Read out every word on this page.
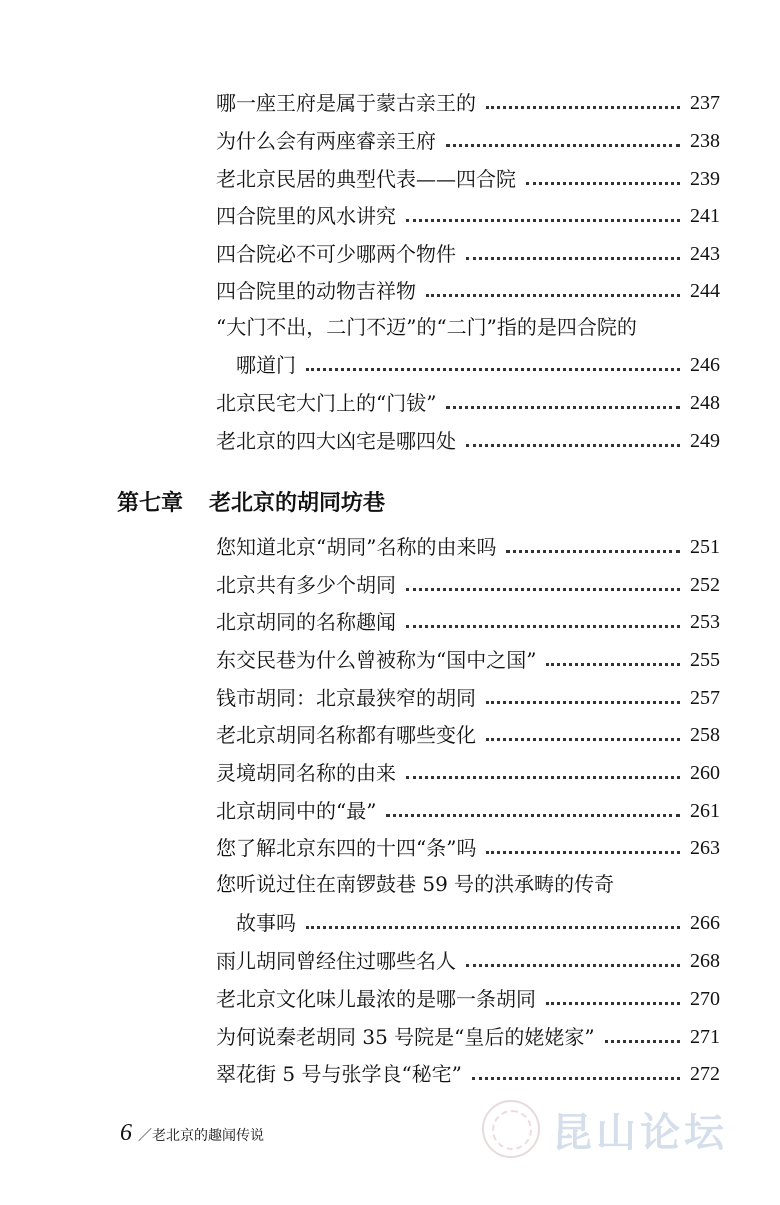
哪一座王府是属于蒙古亲王的	237
为什么会有两座睿亲王府	238
老北京民居的典型代表——四合院	239
四合院里的风水讲究	241
四合院必不可少哪两个物件	243
四合院里的动物吉祥物	244
“大门不出，二门不迈”的“二门”指的是四合院的
哪道门	246
北京民宅大门上的“门钹”	248
老北京的四大凶宅是哪四处	249
第七章 老北京的胡同坊巷
您知道北京“胡同”名称的由来吗	251
北京共有多少个胡同	252
北京胡同的名称趣闻	253
东交民巷为什么曾被称为“国中之国”	255
钱市胡同：北京最狭窄的胡同	257
老北京胡同名称都有哪些变化	258
灵境胡同名称的由来	260
北京胡同中的“最”	261
您了解北京东四的十四“条”吗	263
您听说过住在南锣鼓巷 59 号的洪承畴的传奇
故事吗	266
雨儿胡同曾经住过哪些名人	268
老北京文化味儿最浓的是哪一条胡同	270
为何说秦老胡同 35 号院是“皇后的姥姥家”	271
翠花街 5 号与张学良“秘宅”	272
6 ／老北京的趣闻传说	昆山论坛
